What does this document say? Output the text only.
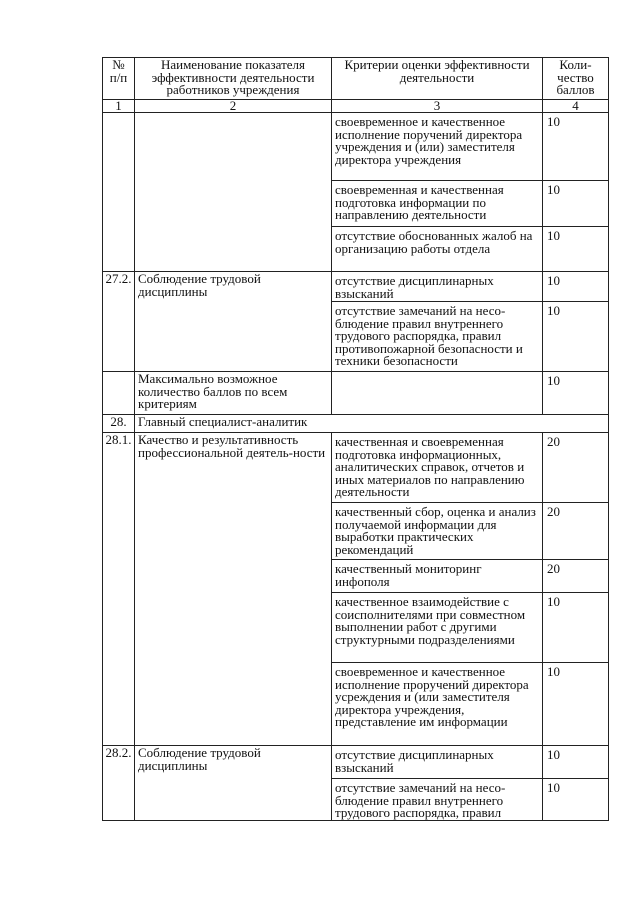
№
п/п	Наименование показателя эффективности деятельности работников учреждения	Критерии оценки эффективности деятельности	Коли-чество баллов
1	2	3	4
		своевременное и качественное исполнение поручений директора учреждения и (или) заместителя директора учреждения	10
		своевременная и качественная подготовка информации по направлению деятельности	10
		отсутствие обоснованных жалоб на организацию работы отдела	10
27.2.	Соблюдение трудовой дисциплины	отсутствие дисциплинарных взысканий	10
		отсутствие замечаний на несо-блюдение правил внутреннего трудового распорядка, правил противопожарной безопасности и техники безопасности	10
	Максимально возможное количество баллов по всем критериям		10
28.	Главный специалист-аналитик		
28.1.	Качество и результативность профессиональной деятель-ности	качественная и своевременная подготовка информационных, аналитических справок, отчетов и иных материалов по направлению деятельности	20
		качественный сбор, оценка и анализ получаемой информации для выработки практических рекомендаций	20
		качественный мониторинг инфополя	20
		качественное взаимодействие с соисполнителями при совместном выполнении работ с другими структурными подразделениями	10
		своевременное и качественное исполнение проручений директора усреждения и (или заместителя директора учреждения, представление им информации	10
28.2.	Соблюдение трудовой дисциплины	отсутствие дисциплинарных взысканий	10
		отсутствие замечаний на несо-блюдение правил внутреннего трудового распорядка, правил	10
